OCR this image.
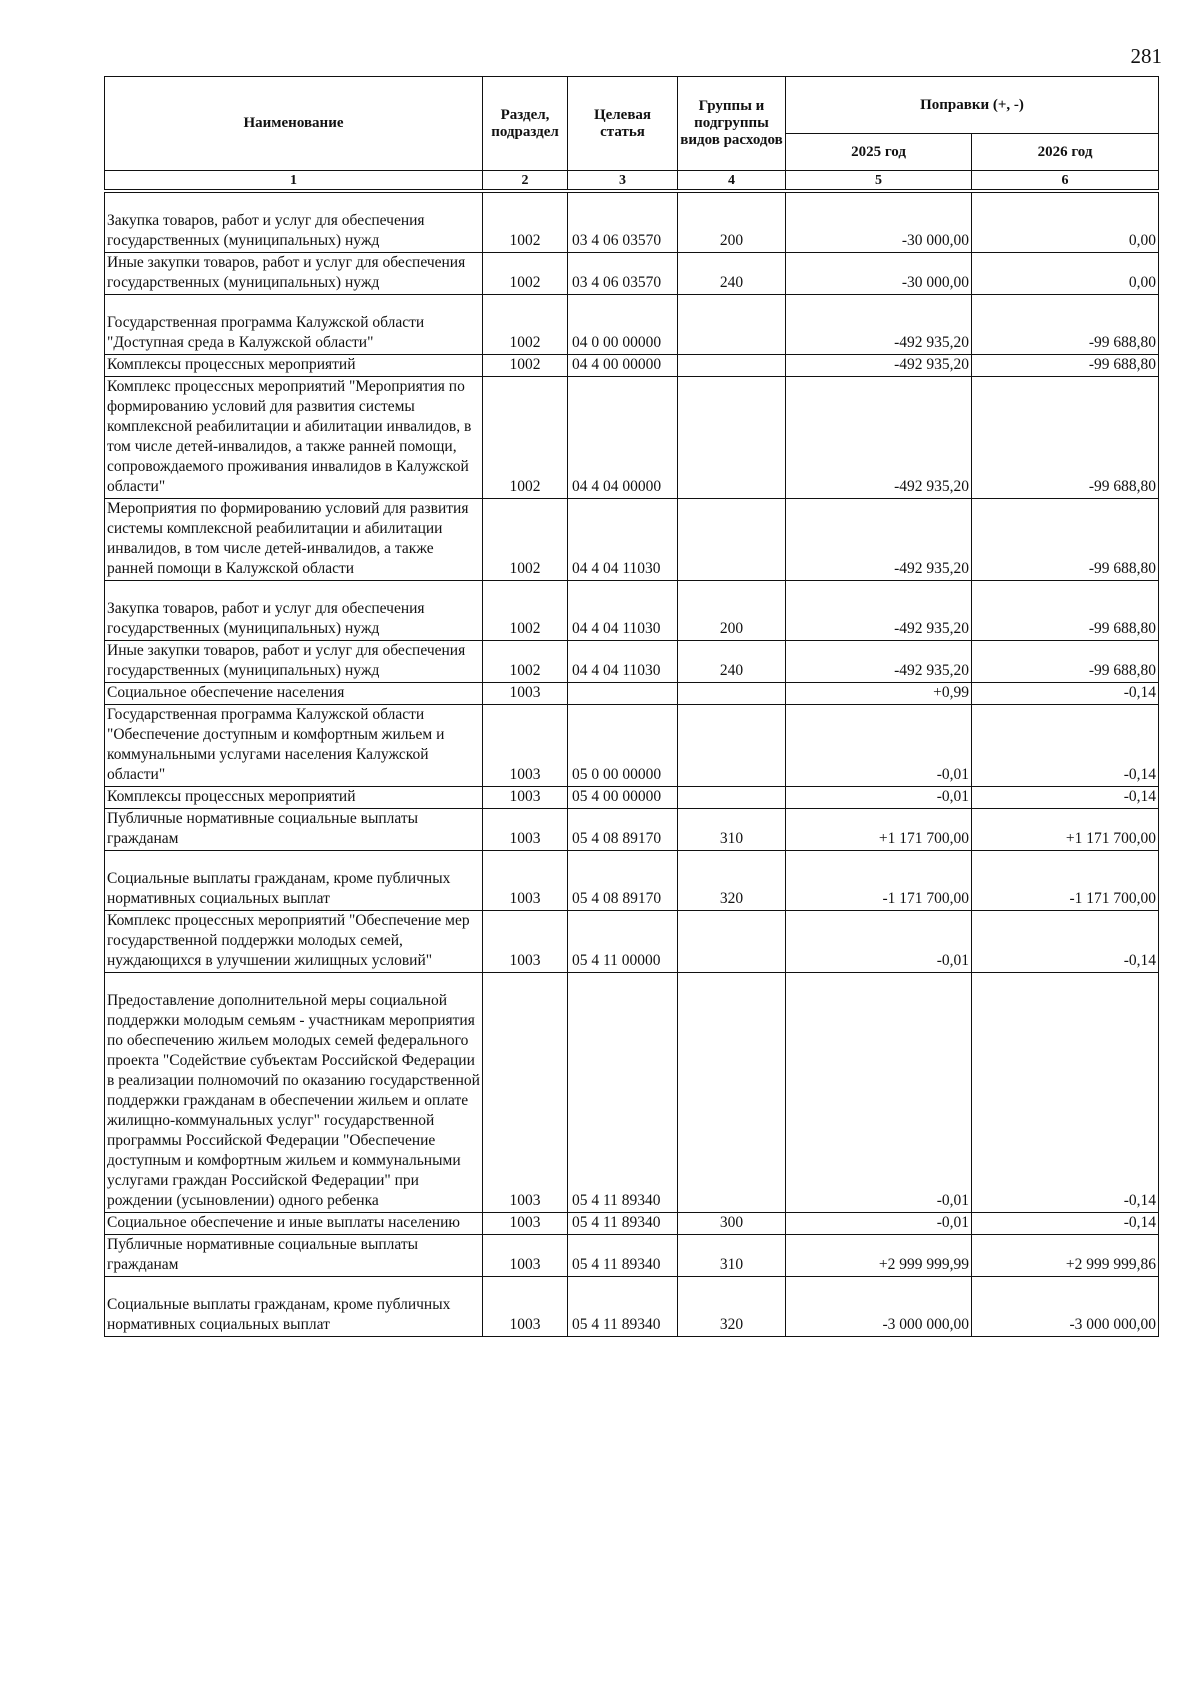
281
Наименование	Раздел, подраздел	Целевая статья	Группы и подгруппы видов расходов	Поправки (+, -)	
				2025 год	2026 год
1	2	3	4	5	6
Закупка товаров, работ и услуг для обеспечения государственных (муниципальных) нужд	1002	03 4 06 03570	200	-30 000,00	0,00
Иные закупки товаров, работ и услуг для обеспечения государственных (муниципальных) нужд	1002	03 4 06 03570	240	-30 000,00	0,00
Государственная программа Калужской области "Доступная среда в Калужской области"	1002	04 0 00 00000		-492 935,20	-99 688,80
Комплексы процессных мероприятий	1002	04 4 00 00000		-492 935,20	-99 688,80
Комплекс процессных мероприятий "Мероприятия по формированию условий для развития системы комплексной реабилитации и абилитации инвалидов, в том числе детей-инвалидов, а также ранней помощи, сопровождаемого проживания инвалидов в Калужской области"	1002	04 4 04 00000		-492 935,20	-99 688,80
Мероприятия по формированию условий для развития системы комплексной реабилитации и абилитации инвалидов, в том числе детей-инвалидов, а также ранней помощи в Калужской области	1002	04 4 04 11030		-492 935,20	-99 688,80
Закупка товаров, работ и услуг для обеспечения государственных (муниципальных) нужд	1002	04 4 04 11030	200	-492 935,20	-99 688,80
Иные закупки товаров, работ и услуг для обеспечения государственных (муниципальных) нужд	1002	04 4 04 11030	240	-492 935,20	-99 688,80
Социальное обеспечение населения	1003			+0,99	-0,14
Государственная программа Калужской области "Обеспечение доступным и комфортным жильем и коммунальными услугами населения Калужской области"	1003	05 0 00 00000		-0,01	-0,14
Комплексы процессных мероприятий	1003	05 4 00 00000		-0,01	-0,14
Публичные нормативные социальные выплаты гражданам	1003	05 4 08 89170	310	+1 171 700,00	+1 171 700,00
Социальные выплаты гражданам, кроме публичных нормативных социальных выплат	1003	05 4 08 89170	320	-1 171 700,00	-1 171 700,00
Комплекс процессных мероприятий "Обеспечение мер государственной поддержки молодых семей, нуждающихся в улучшении жилищных условий"	1003	05 4 11 00000		-0,01	-0,14
Предоставление дополнительной меры социальной поддержки молодым семьям - участникам мероприятия по обеспечению жильем молодых семей федерального проекта "Содействие субъектам Российской Федерации в реализации полномочий по оказанию государственной поддержки гражданам в обеспечении жильем и оплате жилищно-коммунальных услуг" государственной программы Российской Федерации "Обеспечение доступным и комфортным жильем и коммунальными услугами граждан Российской Федерации" при рождении (усыновлении) одного ребенка	1003	05 4 11 89340		-0,01	-0,14
Социальное обеспечение и иные выплаты населению	1003	05 4 11 89340	300	-0,01	-0,14
Публичные нормативные социальные выплаты гражданам	1003	05 4 11 89340	310	+2 999 999,99	+2 999 999,86
Социальные выплаты гражданам, кроме публичных нормативных социальных выплат	1003	05 4 11 89340	320	-3 000 000,00	-3 000 000,00
